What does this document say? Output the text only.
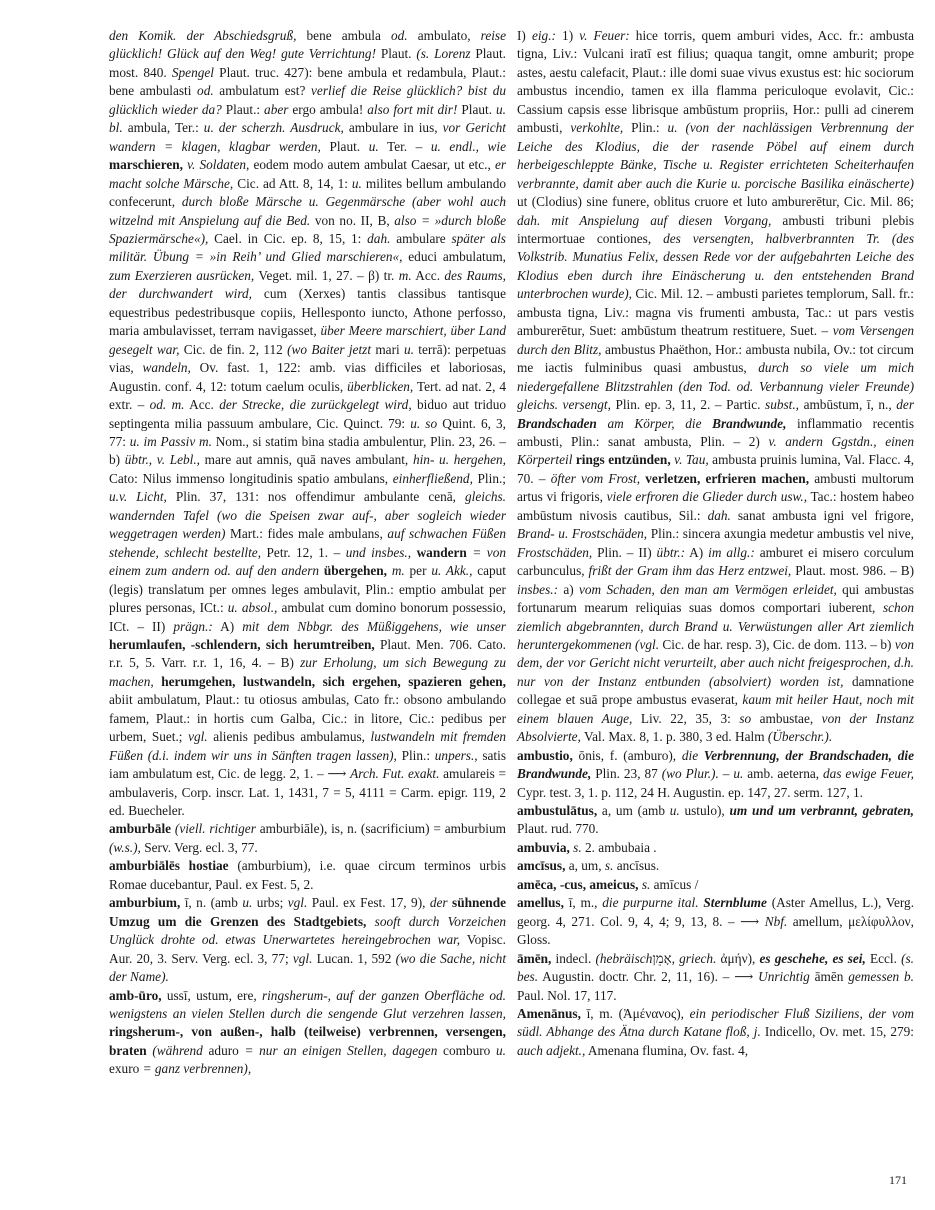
den Komik. der Abschiedsgruß, bene ambula od. ambulato, reise glücklich! Glück auf den Weg! gute Verrichtung! Plaut. (s. Lorenz Plaut. most. 840. Spengel Plaut. truc. 427): bene ambula et redambula, Plaut.: bene ambulasti od. ambulatum est? verlief die Reise glücklich? bist du glücklich wieder da? Plaut.: aber ergo ambula! also fort mit dir! Plaut. u. bl. ambula, Ter.: u. der scherzh. Ausdruck, ambulare in ius, vor Gericht wandern = klagen, klagbar werden, Plaut. u. Ter. – u. endl., wie marschieren, v. Soldaten, eodem modo autem ambulat Caesar, ut etc., er macht solche Märsche, Cic. ad Att. 8, 14, 1: u. milites bellum ambulando confecerunt, durch bloße Märsche u. Gegenmärsche (aber wohl auch witzelnd mit Anspielung auf die Bed. von no. II, B, also = »durch bloße Spaziermärsche«), Cael. in Cic. ep. 8, 15, 1: dah. ambulare später als militär. Übung = »in Reih’ und Glied marschieren«, educi ambulatum, zum Exerzieren ausrücken, Veget. mil. 1, 27. – β) tr. m. Acc. des Raums, der durchwandert wird, cum (Xerxes) tantis classibus tantisque equestribus pedestribusque copiis, Hellesponto iuncto, Athone perfosso, maria ambulavisset, terram navigasset, über Meere marschiert, über Land gesegelt war, Cic. de fin. 2, 112 (wo Baiter jetzt mari u. terrā): perpetuas vias, wandeln, Ov. fast. 1, 122: amb. vias difficiles et laboriosas, Augustin. conf. 4, 12: totum caelum oculis, überblicken, Tert. ad nat. 2, 4 extr. – od. m. Acc. der Strecke, die zurückgelegt wird, biduo aut triduo septingenta milia passuum ambulare, Cic. Quinct. 79: u. so Quint. 6, 3, 77: u. im Passiv m. Nom., si statim bina stadia ambulentur, Plin. 23, 26. – b) übtr., v. Lebl., mare aut amnis, quā naves ambulant, hin- u. hergehen, Cato: Nilus immenso longitudinis spatio ambulans, einherfließend, Plin.; u.v. Licht, Plin. 37, 131: nos offendimur ambulante cenā, gleichs. wandernden Tafel (wo die Speisen zwar auf-, aber sogleich wieder weggetragen werden) Mart.: fides male ambulans, auf schwachen Füßen stehende, schlecht bestellte, Petr. 12, 1. – und insbes., wandern = von einem zum andern od. auf den andern übergehen, m. per u. Akk., caput (legis) translatum per omnes leges ambulavit, Plin.: emptio ambulat per plures personas, ICt.: u. absol., ambulat cum domino bonorum possessio, ICt. – II) prägn.: A) mit dem Nbbgr. des Müßiggehens, wie unser herumlaufen, -schlendern, sich herumtreiben, Plaut. Men. 706. Cato. r.r. 5, 5. Varr. r.r. 1, 16, 4. – B) zur Erholung, um sich Bewegung zu machen, herumgehen, lustwandeln, sich ergehen, spazieren gehen, abiit ambulatum, Plaut.: tu otiosus ambulas, Cato fr.: obsono ambulando famem, Plaut.: in hortis cum Galba, Cic.: in litore, Cic.: pedibus per urbem, Suet.; vgl. alienis pedibus ambulamus, lustwandeln mit fremden Füßen (d.i. indem wir uns in Sänften tragen lassen), Plin.: unpers., satis iam ambulatum est, Cic. de legg. 2, 1. – ⟶ Arch. Fut. exakt. amulareis = ambulaveris, Corp. inscr. Lat. 1, 1431, 7 = 5, 4111 = Carm. epigr. 119, 2 ed. Buecheler.

amburbāle (viell. richtiger amburbiāle), is, n. (sacrificium) = amburbium (w.s.), Serv. Verg. ecl. 3, 77.

amburbiālēs hostiae (amburbium), i.e. quae circum terminos urbis Romae ducebantur, Paul. ex Fest. 5, 2.

amburbium, ī, n. (amb u. urbs; vgl. Paul. ex Fest. 17, 9), der sühnende Umzug um die Grenzen des Stadtgebiets, sooft durch Vorzeichen Unglück drohte od. etwas Unerwartetes hereingebrochen war, Vopisc. Aur. 20, 3. Serv. Verg. ecl. 3, 77; vgl. Lucan. 1, 592 (wo die Sache, nicht der Name).

amb-ūro, ussī, ustum, ere, ringsherum-, auf der ganzen Oberfläche od. wenigstens an vielen Stellen durch die sengende Glut verzehren lassen, ringsherum-, von außen-, halb (teilweise) verbrennen, versengen, braten (während aduro = nur an einigen Stellen, dagegen comburo u. exuro = ganz verbrennen),

I) eig.: 1) v. Feuer: hice torris, quem amburi vides, Acc. fr.: ambusta tigna, Liv.: Vulcani iratī est filius; quaqua tangit, omne amburit; prope astes, aestu calefacit, Plaut.: ille domi suae vivus exustus est: hic sociorum ambustus incendio, tamen ex illa flamma periculoque evolavit, Cic.: Cassium capsis esse librisque ambūstum propriis, Hor.: pulli ad cinerem ambusti, verkohlte, Plin.: u. (von der nachlässigen Verbrennung der Leiche des Klodius, die der rasende Pöbel auf einem durch herbeigeschleppte Bänke, Tische u. Register errichteten Scheiterhaufen verbrannte, damit aber auch die Kurie u. porcische Basilika einäscherte) ut (Clodius) sine funere, oblitus cruore et luto amburerētur, Cic. Mil. 86; dah. mit Anspielung auf diesen Vorgang, ambusti tribuni plebis intermortuae contiones, des versengten, halbverbrannten Tr. (des Volkstrib. Munatius Felix, dessen Rede vor der aufgebahrten Leiche des Klodius eben durch ihre Einäscherung u. den entstehenden Brand unterbrochen wurde), Cic. Mil. 12. – ambusti parietes templorum, Sall. fr.: ambusta tigna, Liv.: magna vis frumenti ambusta, Tac.: ut pars vestis amburerētur, Suet: ambūstum theatrum restituere, Suet. – vom Versengen durch den Blitz, ambustus Phaëthon, Hor.: ambusta nubila, Ov.: tot circum me iactis fulminibus quasi ambustus, durch so viele um mich niedergefallene Blitzstrahlen (den Tod. od. Verbannung vieler Freunde) gleichs. versengt, Plin. ep. 3, 11, 2. – Partic. subst., ambūstum, ī, n., der Brandschaden am Körper, die Brandwunde, inflammatio recentis ambusti, Plin.: sanat ambusta, Plin. – 2) v. andern Ggstdn., einen Körperteil rings entzünden, v. Tau, ambusta pruinis lumina, Val. Flacc. 4, 70. – öfter vom Frost, verletzen, erfrieren machen, ambusti multorum artus vi frigoris, viele erfroren die Glieder durch usw., Tac.: hostem habeo ambūstum nivosis cautibus, Sil.: dah. sanat ambusta igni vel frigore, Brand- u. Frostschäden, Plin.: sincera axungia medetur ambustis vel nive, Frostschäden, Plin. – II) übtr.: A) im allg.: amburet ei misero corculum carbunculus, frißt der Gram ihm das Herz entzwei, Plaut. most. 986. – B) insbes.: a) vom Schaden, den man am Vermögen erleidet, qui ambustas fortunarum mearum reliquias suas domos comportari iuberent, schon ziemlich abgebrannten, durch Brand u. Verwüstungen aller Art ziemlich heruntergekommenen (vgl. Cic. de har. resp. 3), Cic. de dom. 113. – b) von dem, der vor Gericht nicht verurteilt, aber auch nicht freigesprochen, d.h. nur von der Instanz entbunden (absolviert) worden ist, damnatione collegae et suā prope ambustus evaserat, kaum mit heiler Haut, noch mit einem blauen Auge, Liv. 22, 35, 3: so ambustae, von der Instanz Absolvierte, Val. Max. 8, 1. p. 380, 3 ed. Halm (Überschr.).

ambustio, ōnis, f. (amburo), die Verbrennung, der Brandschaden, die Brandwunde, Plin. 23, 87 (wo Plur.). – u. amb. aeterna, das ewige Feuer, Cypr. test. 3, 1. p. 112, 24 H. Augustin. ep. 147, 27. serm. 127, 1.

ambustulātus, a, um (amb u. ustulo), um und um verbrannt, gebraten, Plaut. rud. 770.

ambuvia, s. 2. ambubaia .

amcīsus, a, um, s. ancīsus.

amēca, -cus, ameicus, s. amīcus /

amellus, ī, m., die purpurne ital. Sternblume (Aster Amellus, L.), Verg. georg. 4, 271. Col. 9, 4, 4; 9, 13, 8. – ⟶ Nbf. amellum, μελίφυλλον, Gloss.

āmēn, indecl. (hebräischאָמֵן, griech. ἀμήν), es geschehe, es sei, Eccl. (s. bes. Augustin. doctr. Chr. 2, 11, 16). – ⟶ Unrichtig āmēn gemessen b. Paul. Nol. 17, 117.

Amenānus, ī, m. (Ἀμένανος), ein periodischer Fluß Siziliens, der vom südl. Abhange des Ätna durch Katane floß, j. Indicello, Ov. met. 15, 279: auch adjekt., Amenana flumina, Ov. fast. 4,

171
